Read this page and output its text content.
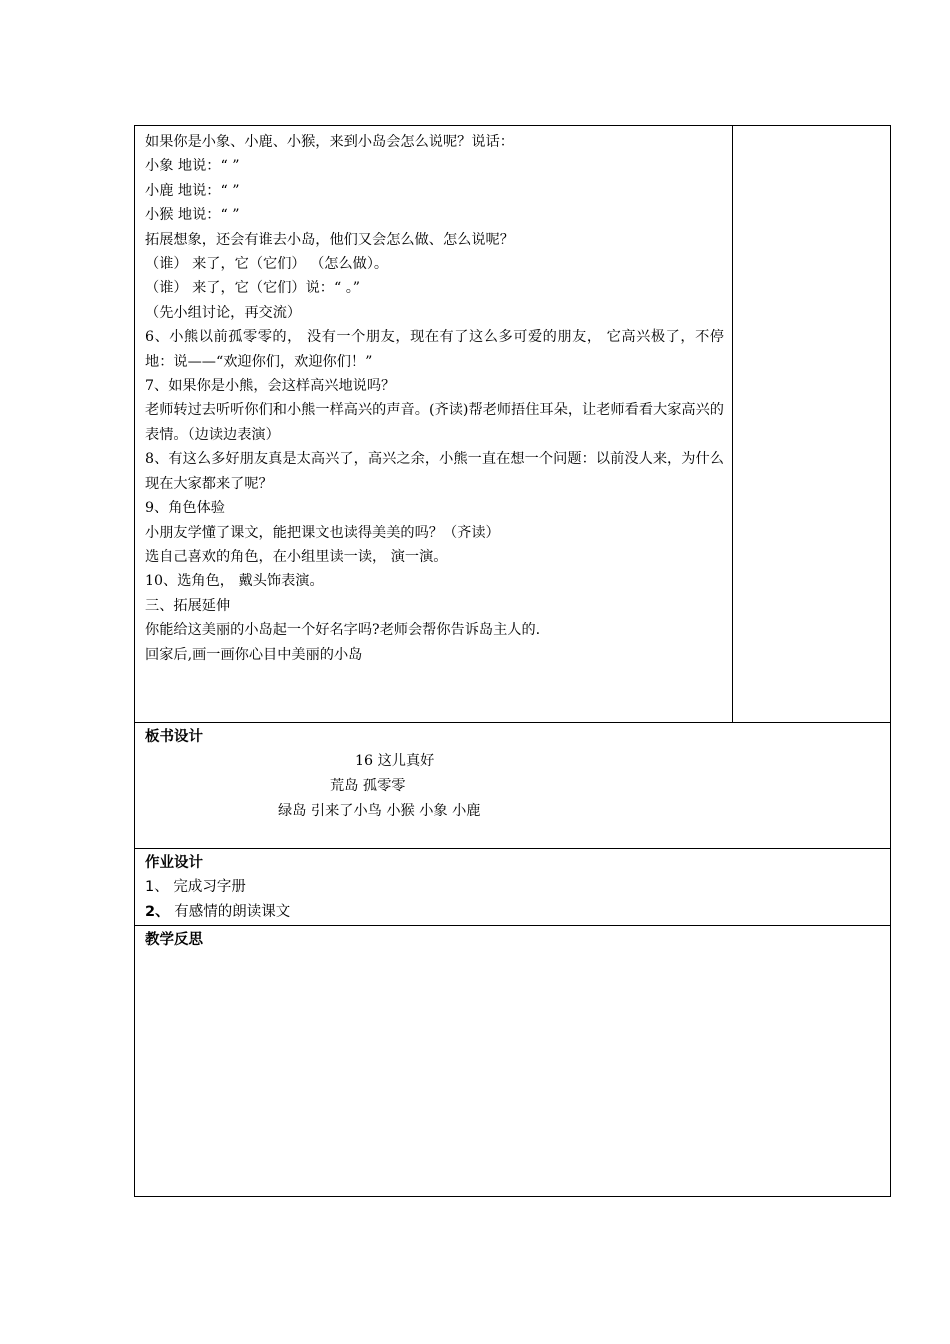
如果你是小象、小鹿、小猴，来到小岛会怎么说呢？说话：
小象 地说：“ ”
小鹿 地说：“ ”
小猴 地说：“ ”
拓展想象，还会有谁去小岛，他们又会怎么做、怎么说呢？
（谁） 来了，它（它们） （怎么做）。
（谁） 来了，它（它们）说：“ 。”
（先小组讨论，再交流）
6、小熊以前孤零零的， 没有一个朋友，现在有了这么多可爱的朋友， 它高兴极了，不停地：说——“欢迎你们，欢迎你们！”
7、如果你是小熊，会这样高兴地说吗？
老师转过去听听你们和小熊一样高兴的声音。(齐读)帮老师捂住耳朵，让老师看看大家高兴的表情。（边读边表演）
8、有这么多好朋友真是太高兴了，高兴之余，小熊一直在想一个问题：以前没人来，为什么现在大家都来了呢？
9、角色体验
小朋友学懂了课文，能把课文也读得美美的吗？（齐读）
选自己喜欢的角色，在小组里读一读， 演一演。
10、选角色， 戴头饰表演。
三、拓展延伸
你能给这美丽的小岛起一个好名字吗?老师会帮你告诉岛主人的.
回家后,画一画你心目中美丽的小岛
板书设计
16 这儿真好
荒岛 孤零零
绿岛 引来了小鸟 小猴 小象 小鹿
作业设计
1、 完成习字册
2、 有感情的朗读课文
教学反思
